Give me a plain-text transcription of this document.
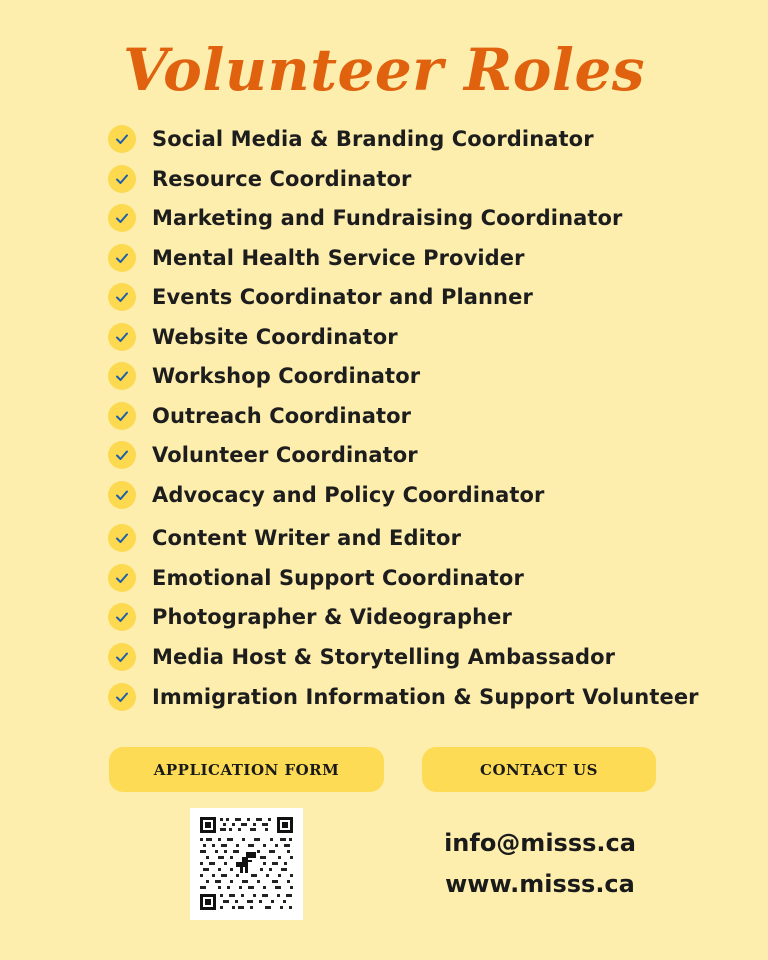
Volunteer Roles
Social Media & Branding Coordinator
Resource Coordinator
Marketing and Fundraising Coordinator
Mental Health Service Provider
Events Coordinator and Planner
Website Coordinator
Workshop Coordinator
Outreach Coordinator
Volunteer Coordinator
Advocacy and Policy Coordinator
Content Writer and Editor
Emotional Support Coordinator
Photographer & Videographer
Media Host & Storytelling Ambassador
Immigration Information & Support Volunteer
APPLICATION FORM	CONTACT US
info@misss.ca
www.misss.ca
